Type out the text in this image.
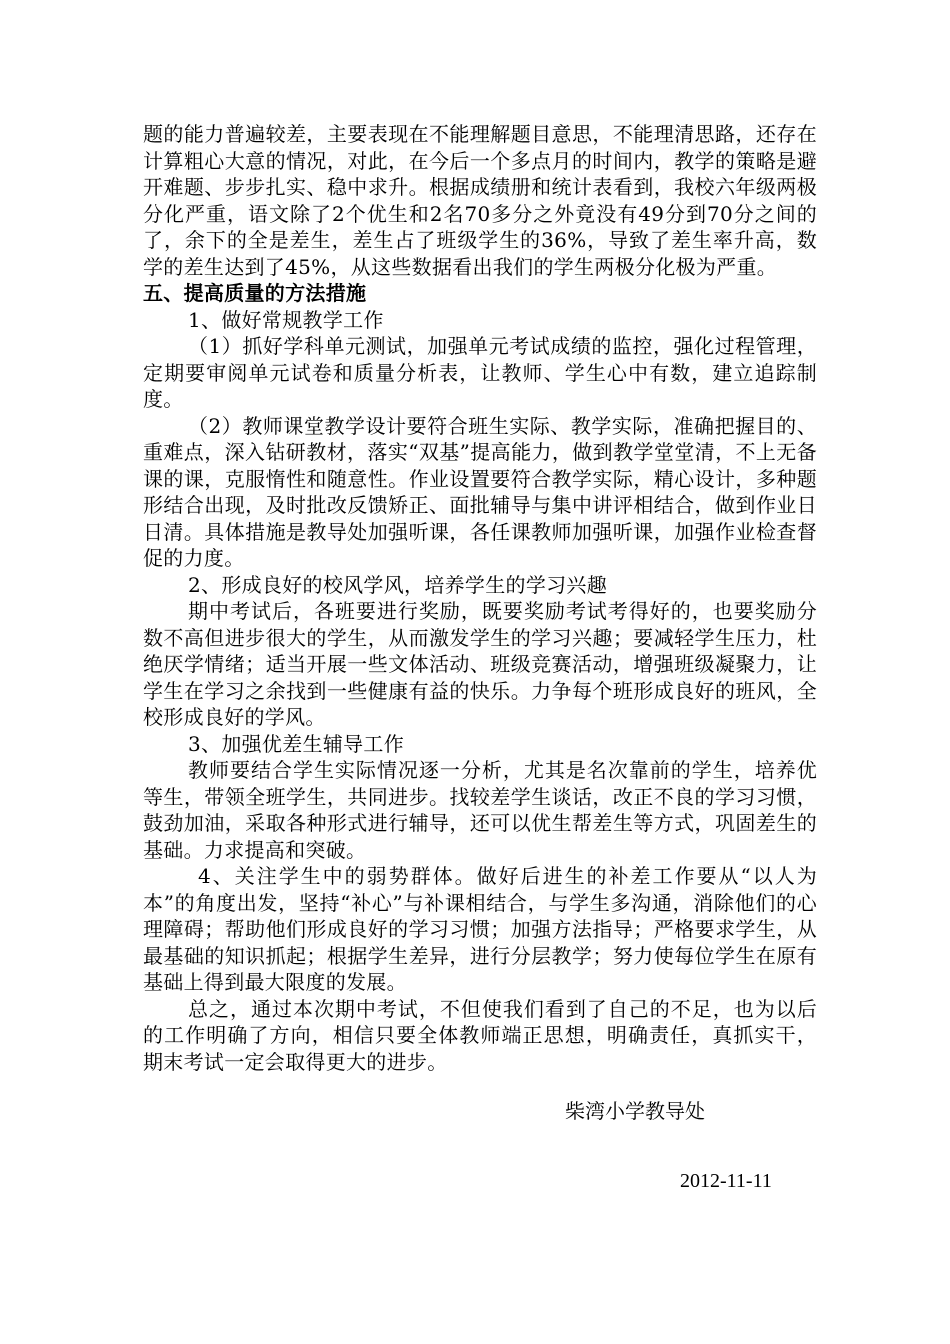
题的能力普遍较差，主要表现在不能理解题目意思，不能理清思路，还存在计算粗心大意的情况，对此，在今后一个多点月的时间内，教学的策略是避开难题、步步扎实、稳中求升。根据成绩册和统计表看到，我校六年级两极分化严重，语文除了2个优生和2名70多分之外竟没有49分到70分之间的了，余下的全是差生，差生占了班级学生的36%，导致了差生率升高，数学的差生达到了45%，从这些数据看出我们的学生两极分化极为严重。

五、提高质量的方法措施

1、做好常规教学工作

（1）抓好学科单元测试，加强单元考试成绩的监控，强化过程管理，定期要审阅单元试卷和质量分析表，让教师、学生心中有数，建立追踪制度。

（2）教师课堂教学设计要符合班生实际、教学实际，准确把握目的、重难点，深入钻研教材，落实“双基”提高能力，做到教学堂堂清，不上无备课的课，克服惰性和随意性。作业设置要符合教学实际，精心设计，多种题形结合出现，及时批改反馈矫正、面批辅导与集中讲评相结合，做到作业日日清。具体措施是教导处加强听课，各任课教师加强听课，加强作业检查督促的力度。

2、形成良好的校风学风，培养学生的学习兴趣

期中考试后，各班要进行奖励，既要奖励考试考得好的，也要奖励分数不高但进步很大的学生，从而激发学生的学习兴趣；要减轻学生压力，杜绝厌学情绪；适当开展一些文体活动、班级竞赛活动，增强班级凝聚力，让学生在学习之余找到一些健康有益的快乐。力争每个班形成良好的班风，全校形成良好的学风。

3、加强优差生辅导工作

教师要结合学生实际情况逐一分析，尤其是名次靠前的学生，培养优等生，带领全班学生，共同进步。找较差学生谈话，改正不良的学习习惯，鼓劲加油，采取各种形式进行辅导，还可以优生帮差生等方式，巩固差生的基础。力求提高和突破。

4、关注学生中的弱势群体。做好后进生的补差工作要从“以人为本”的角度出发，坚持“补心”与补课相结合，与学生多沟通，消除他们的心理障碍；帮助他们形成良好的学习习惯；加强方法指导；严格要求学生，从最基础的知识抓起；根据学生差异，进行分层教学；努力使每位学生在原有基础上得到最大限度的发展。

总之，通过本次期中考试，不但使我们看到了自己的不足，也为以后的工作明确了方向，相信只要全体教师端正思想，明确责任，真抓实干， 期末考试一定会取得更大的进步。

柴湾小学教导处
2012-11-11
